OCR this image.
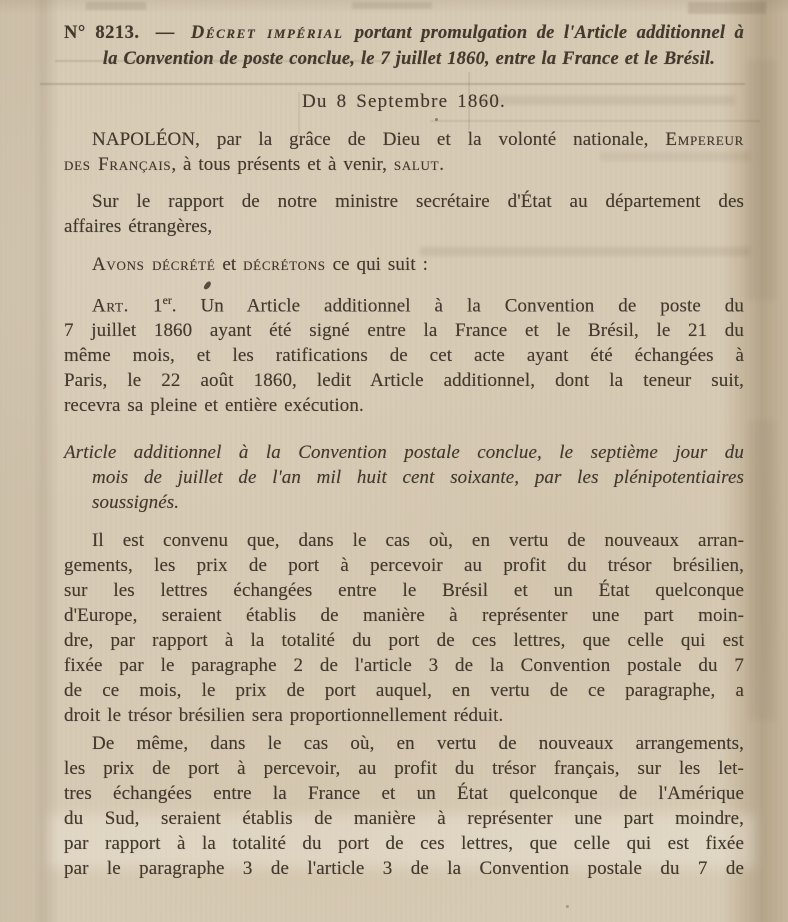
N° 8213. — Décret impérial portant promulgation de l'Article additionnel à
la Convention de poste conclue, le 7 juillet 1860, entre la France et le Brésil.
Du 8 Septembre 1860.
NAPOLÉON, par la grâce de Dieu et la volonté nationale, Empereur
des Français, à tous présents et à venir, salut.
Sur le rapport de notre ministre secrétaire d'État au département des
affaires étrangères,
Avons décrété et décrétons ce qui suit :
Art. 1er. Un Article additionnel à la Convention de poste du
7 juillet 1860 ayant été signé entre la France et le Brésil, le 21 du
même mois, et les ratifications de cet acte ayant été échangées à
Paris, le 22 août 1860, ledit Article additionnel, dont la teneur suit,
recevra sa pleine et entière exécution.
Article additionnel à la Convention postale conclue, le septième jour du
mois de juillet de l'an mil huit cent soixante, par les plénipotentiaires
soussignés.
Il est convenu que, dans le cas où, en vertu de nouveaux arran-
gements, les prix de port à percevoir au profit du trésor brésilien,
sur les lettres échangées entre le Brésil et un État quelconque
d'Europe, seraient établis de manière à représenter une part moin-
dre, par rapport à la totalité du port de ces lettres, que celle qui est
fixée par le paragraphe 2 de l'article 3 de la Convention postale du 7
de ce mois, le prix de port auquel, en vertu de ce paragraphe, a
droit le trésor brésilien sera proportionnellement réduit.
De même, dans le cas où, en vertu de nouveaux arrangements,
les prix de port à percevoir, au profit du trésor français, sur les let-
tres échangées entre la France et un État quelconque de l'Amérique
du Sud, seraient établis de manière à représenter une part moindre,
par rapport à la totalité du port de ces lettres, que celle qui est fixée
par le paragraphe 3 de l'article 3 de la Convention postale du 7 de
